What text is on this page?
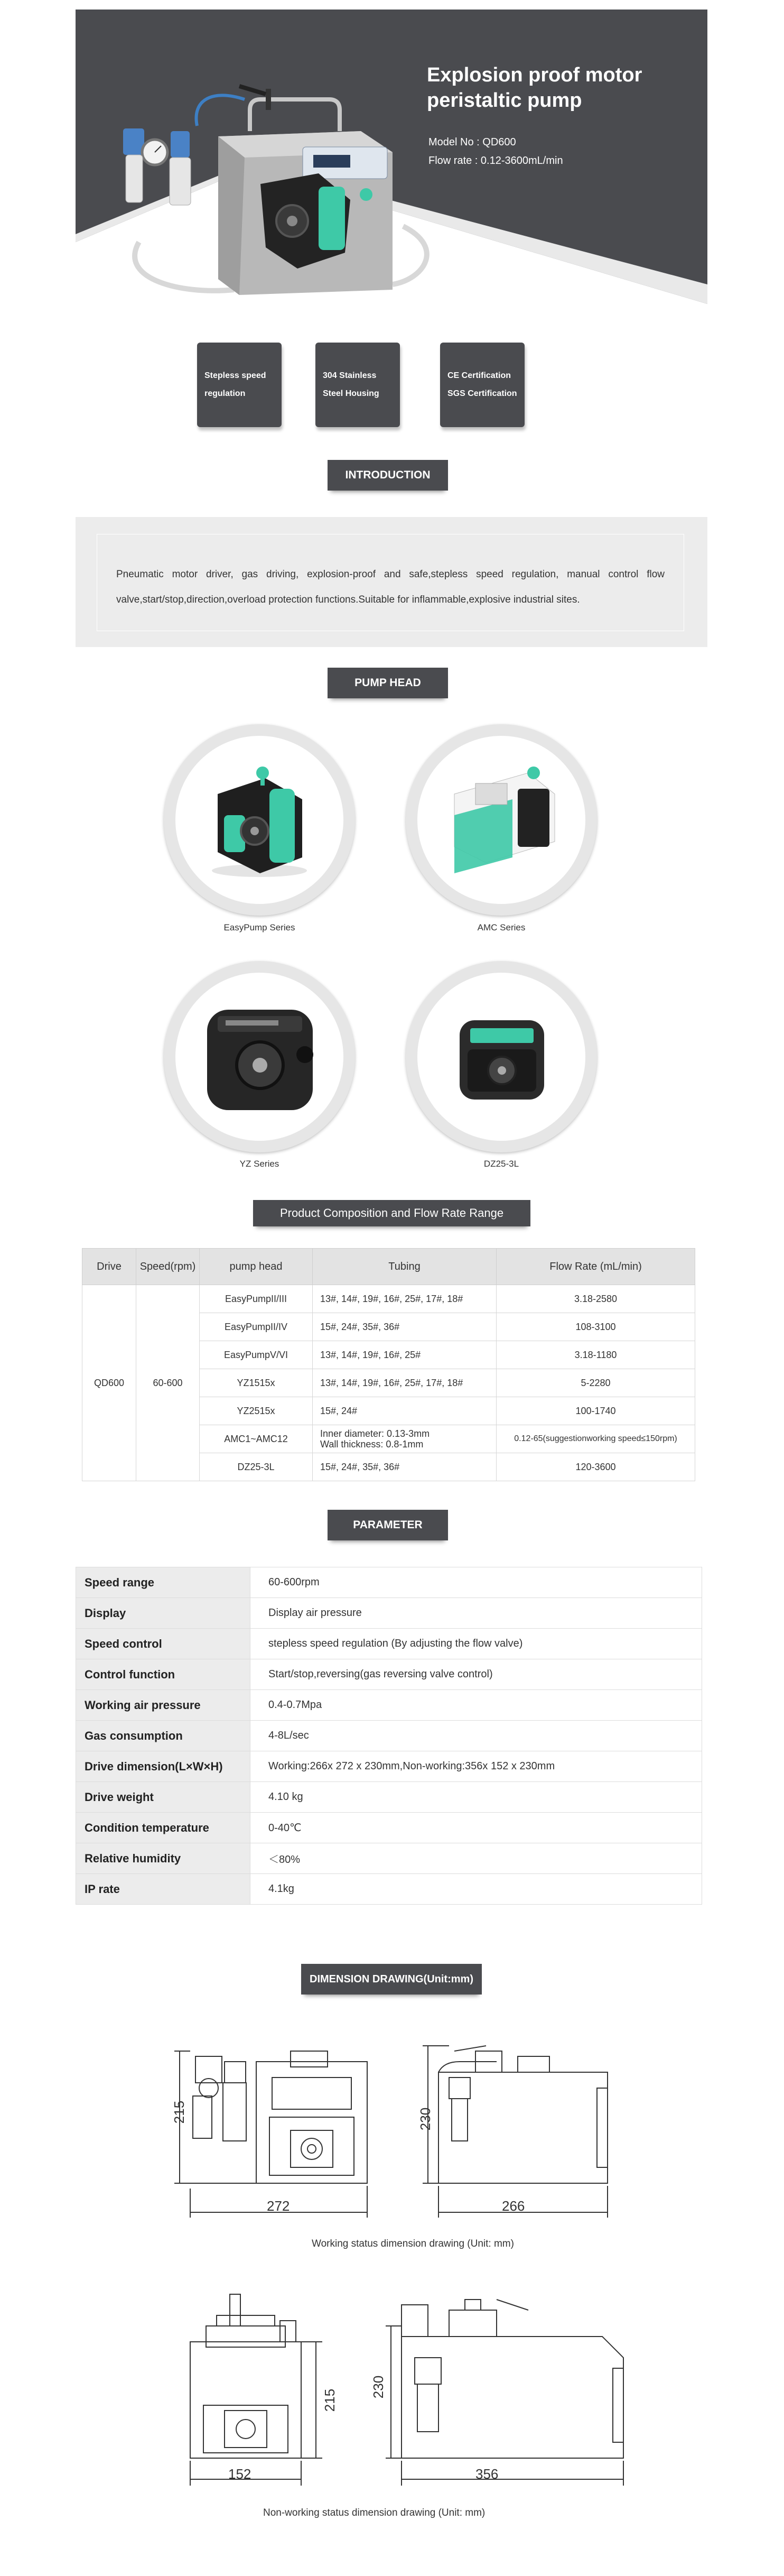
Explosion proof motor
peristaltic pump
Model No : QD600
Flow rate : 0.12-3600mL/min
Stepless speed
regulation
304 Stainless
Steel Housing
CE Certification
SGS Certification
INTRODUCTION
Pneumatic motor driver, gas driving, explosion-proof and safe,stepless speed regulation, manual control flow valve,start/stop,direction,overload protection functions.Suitable for inflammable,explosive industrial sites.
PUMP HEAD
EasyPump Series	AMC Series
YZ Series	DZ25-3L
Product Composition and Flow Rate Range
Drive	Speed(rpm)	pump head	Tubing	Flow Rate (mL/min)
QD600	60-600	EasyPumpII/III	13#, 14#, 19#, 16#, 25#, 17#, 18#	3.18-2580
		EasyPumpII/IV	15#, 24#, 35#, 36#	108-3100
		EasyPumpV/VI	13#, 14#, 19#, 16#, 25#	3.18-1180
		YZ1515x	13#, 14#, 19#, 16#, 25#, 17#, 18#	5-2280
		YZ2515x	15#, 24#	100-1740
		AMC1~AMC12	Inner diameter: 0.13-3mm
Wall thickness: 0.8-1mm	0.12-65(suggestionworking speed≤150rpm)
		DZ25-3L	15#, 24#, 35#, 36#	120-3600
PARAMETER
Speed range	60-600rpm
Display	Display air pressure
Speed control	stepless speed regulation (By adjusting the flow valve)
Control function	Start/stop,reversing(gas reversing valve control)
Working air pressure	0.4-0.7Mpa
Gas consumption	4-8L/sec
Drive dimension(L×W×H)	Working:266x 272 x 230mm,Non-working:356x 152 x 230mm
Drive weight	4.10 kg
Condition temperature	0-40℃
Relative humidity	＜80%
IP rate	4.1kg
DIMENSION DRAWING(Unit:mm)
215
272
230
266
Working status dimension drawing (Unit: mm)
215
152
230
356
Non-working status dimension drawing (Unit: mm)
